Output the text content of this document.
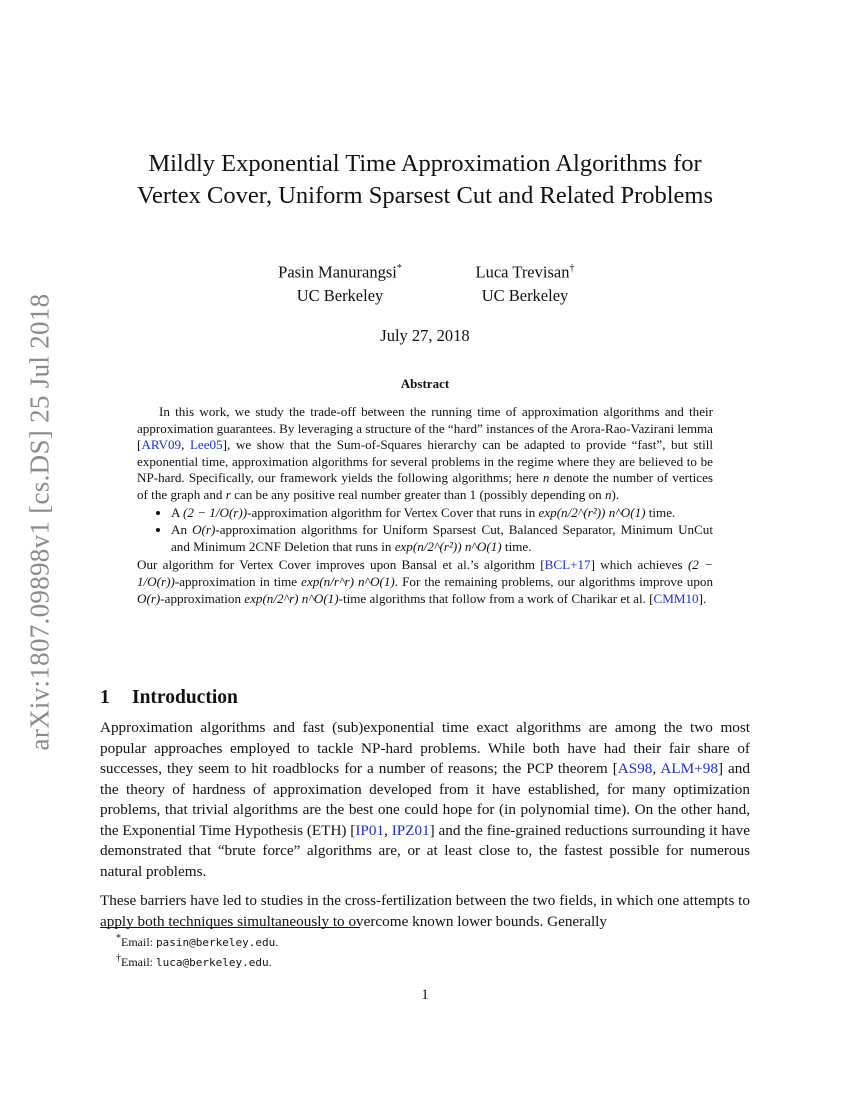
arXiv:1807.09898v1 [cs.DS] 25 Jul 2018
Mildly Exponential Time Approximation Algorithms for
Vertex Cover, Uniform Sparsest Cut and Related Problems
Pasin Manurangsi*
UC Berkeley
Luca Trevisan†
UC Berkeley
July 27, 2018
Abstract

In this work, we study the trade-off between the running time of approximation algorithms and their approximation guarantees. By leveraging a structure of the “hard” instances of the Arora-Rao-Vazirani lemma [ARV09, Lee05], we show that the Sum-of-Squares hierarchy can be adapted to provide “fast”, but still exponential time, approximation algorithms for several problems in the regime where they are believed to be NP-hard. Specifically, our framework yields the following algorithms; here n denote the number of vertices of the graph and r can be any positive real number greater than 1 (possibly depending on n).

• A (2 − 1/O(r))-approximation algorithm for Vertex Cover that runs in exp(n/2^(r²)) n^O(1) time.
• An O(r)-approximation algorithms for Uniform Sparsest Cut, Balanced Separator, Minimum UnCut and Minimum 2CNF Deletion that runs in exp(n/2^(r²)) n^O(1) time.

Our algorithm for Vertex Cover improves upon Bansal et al.’s algorithm [BCL+17] which achieves (2 − 1/O(r))-approximation in time exp(n/r^r) n^O(1). For the remaining problems, our algorithms improve upon O(r)-approximation exp(n/2^r) n^O(1)-time algorithms that follow from a work of Charikar et al. [CMM10].

1 Introduction

Approximation algorithms and fast (sub)exponential time exact algorithms are among the two most popular approaches employed to tackle NP-hard problems. While both have had their fair share of successes, they seem to hit roadblocks for a number of reasons; the PCP theorem [AS98, ALM+98] and the theory of hardness of approximation developed from it have established, for many optimization problems, that trivial algorithms are the best one could hope for (in polynomial time). On the other hand, the Exponential Time Hypothesis (ETH) [IP01, IPZ01] and the fine-grained reductions surrounding it have demonstrated that “brute force” algorithms are, or at least close to, the fastest possible for numerous natural problems.

These barriers have led to studies in the cross-fertilization between the two fields, in which one attempts to apply both techniques simultaneously to overcome known lower bounds. Generally

*Email: pasin@berkeley.edu.
†Email: luca@berkeley.edu.
1
